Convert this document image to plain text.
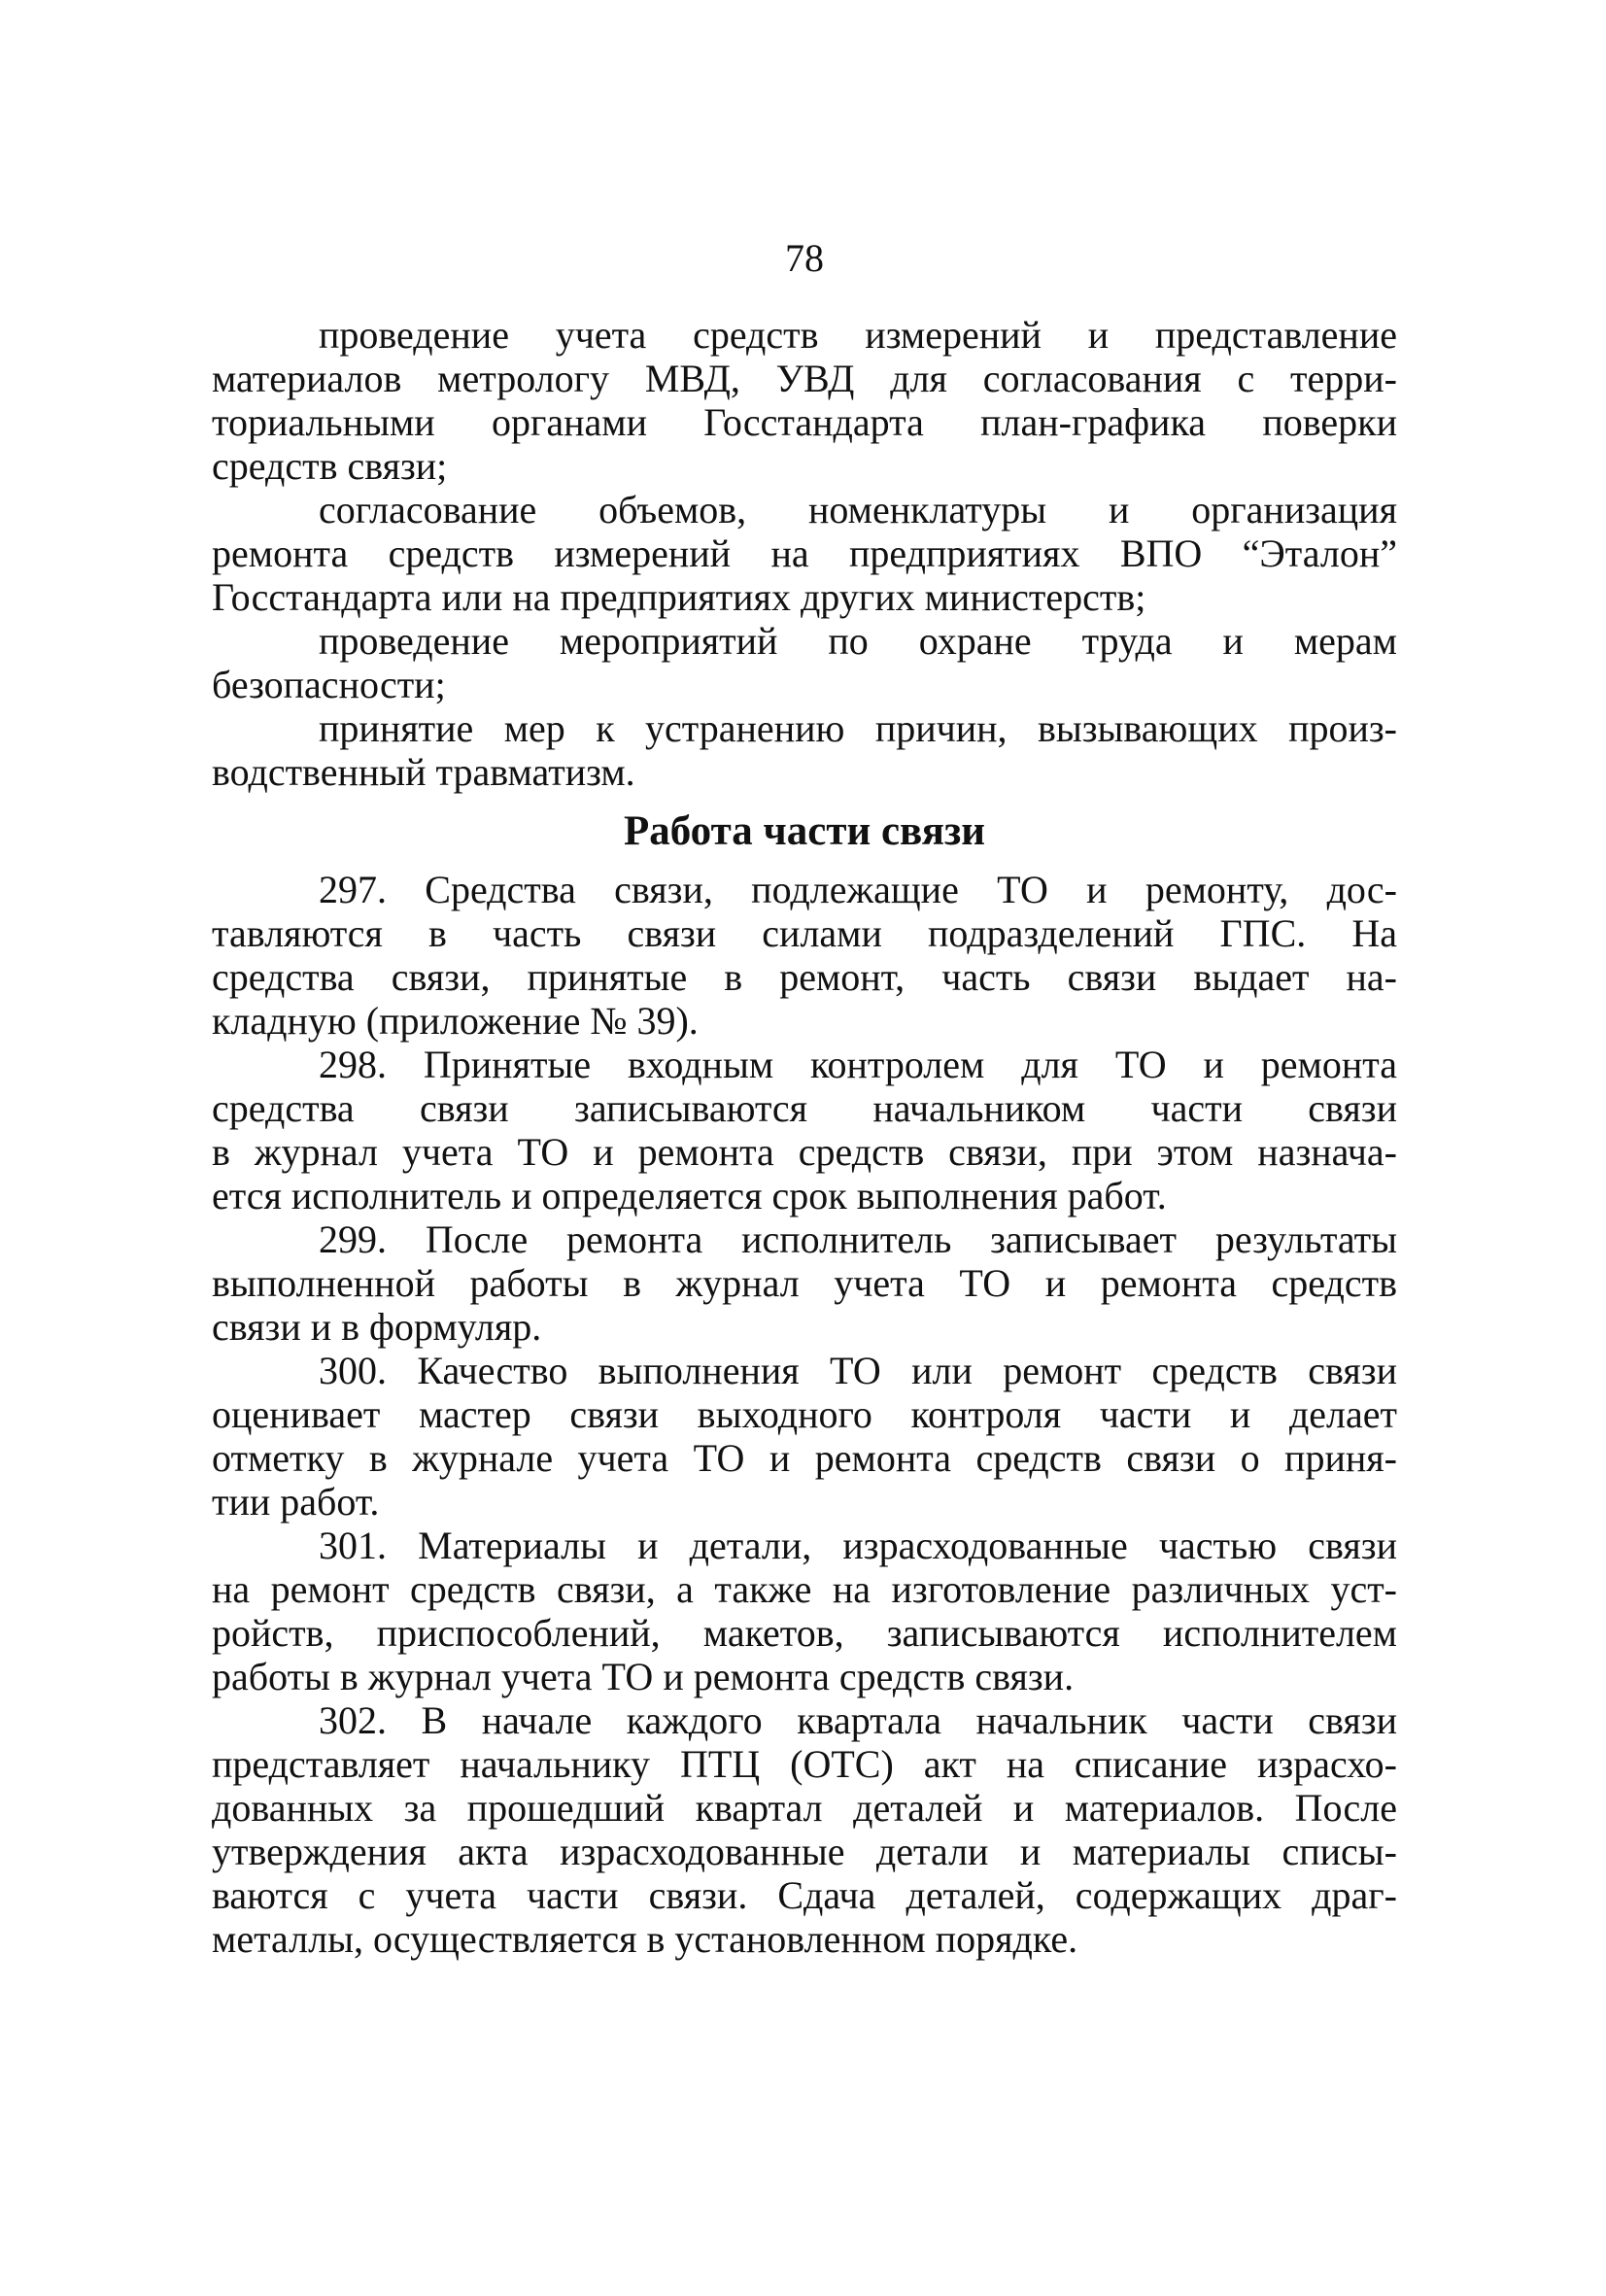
78
проведение учета средств измерений и представление
материалов метрологу МВД, УВД для согласования с терри-
ториальными органами Госстандарта план-графика поверки
средств связи;
согласование объемов, номенклатуры и организация
ремонта средств измерений на предприятиях ВПО “Эталон”
Госстандарта или на предприятиях других министерств;
проведение мероприятий по охране труда и мерам
безопасности;
принятие мер к устранению причин, вызывающих произ-
водственный травматизм.
Работа части связи
297. Средства связи, подлежащие ТО и ремонту, дос-
тавляются в часть связи силами подразделений ГПС. На
средства связи, принятые в ремонт, часть связи выдает на-
кладную (приложение № 39).
298. Принятые входным контролем для ТО и ремонта
средства связи записываются начальником части связи
в журнал учета ТО и ремонта средств связи, при этом назнача-
ется исполнитель и определяется срок выполнения работ.
299. После ремонта исполнитель записывает результаты
выполненной работы в журнал учета ТО и ремонта средств
связи и в формуляр.
300. Качество выполнения ТО или ремонт средств связи
оценивает мастер связи выходного контроля части и делает
отметку в журнале учета ТО и ремонта средств связи о приня-
тии работ.
301. Материалы и детали, израсходованные частью связи
на ремонт средств связи, а также на изготовление различных уст-
ройств, приспособлений, макетов, записываются исполнителем
работы в журнал учета ТО и ремонта средств связи.
302. В начале каждого квартала начальник части связи
представляет начальнику ПТЦ (ОТС) акт на списание израсхо-
дованных за прошедший квартал деталей и материалов. После
утверждения акта израсходованные детали и материалы списы-
ваются с учета части связи. Сдача деталей, содержащих драг-
металлы, осуществляется в установленном порядке.
